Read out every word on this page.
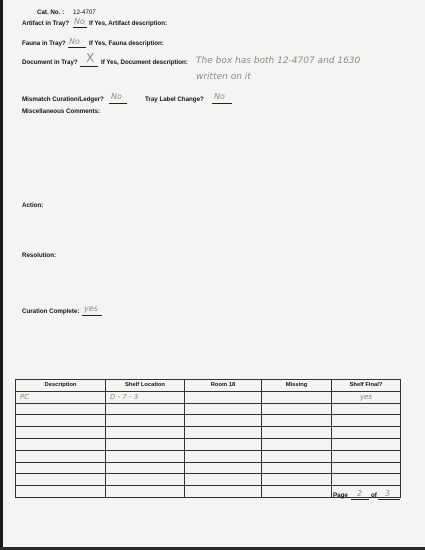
Cat. No. : 12-4707
Artifact in Tray? No If Yes, Artifact description:
Fauna in Tray? No If Yes, Fauna description:
Document in Tray? X If Yes, Document description: The box has both 12-4707 and 1630
written on it
Mismatch Curation/Ledger? No	Tray Label Change? No
Miscellaneous Comments:
Action:
Resolution:
Curation Complete: yes
Description	Shelf Location	Room 18	Missing	Shelf Final?

PC	D - 7 - 3			yes

Page 2 of 3
